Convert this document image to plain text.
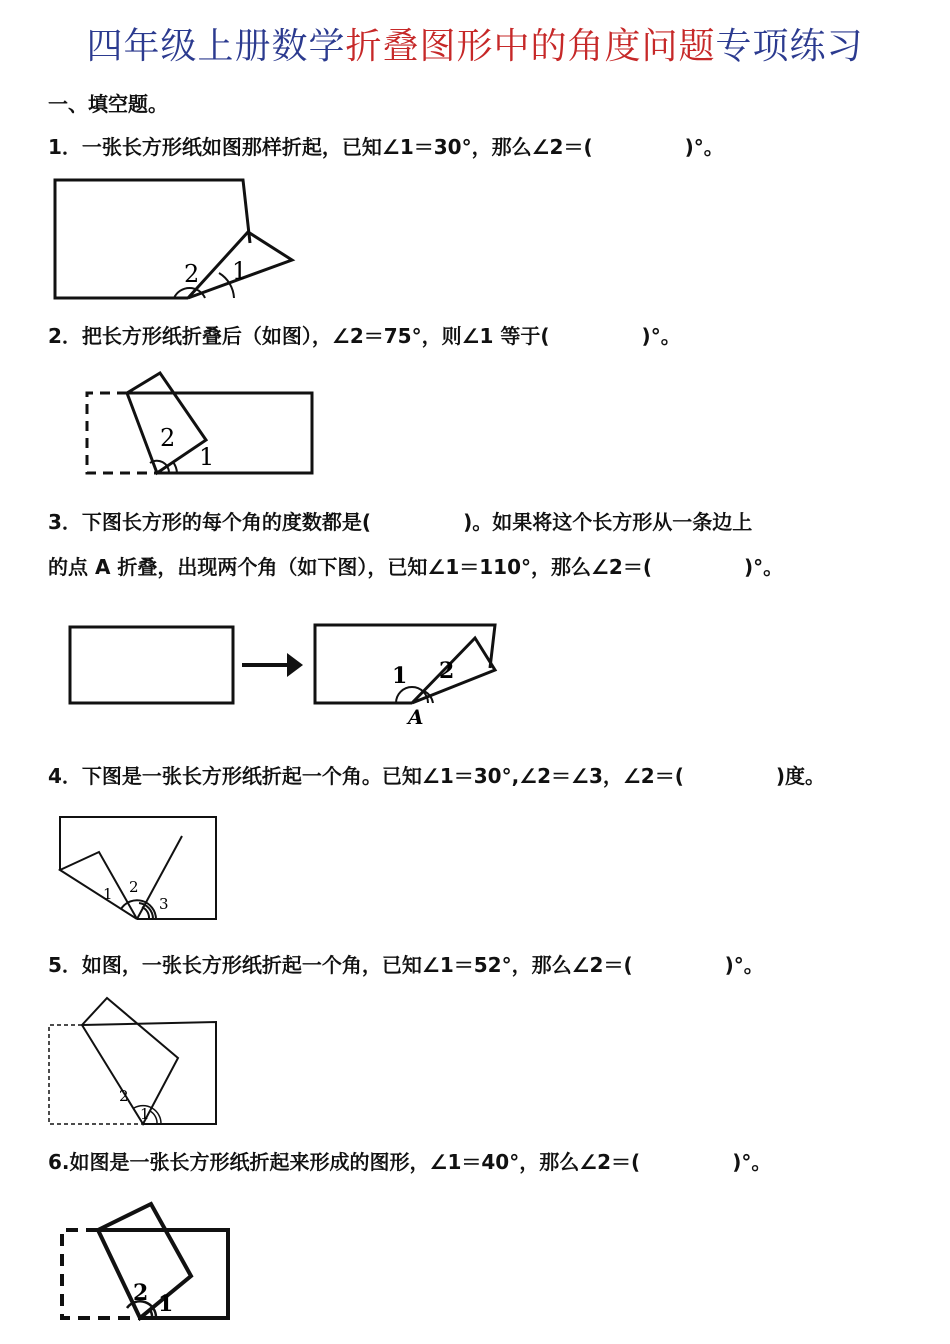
四年级上册数学折叠图形中的角度问题专项练习
一、填空题。
1．一张长方形纸如图那样折起，已知∠1＝30°，那么∠2＝(	)°。
2 1
2．把长方形纸折叠后（如图），∠2＝75°，则∠1 等于(	)°。
2
1
3．下图长方形的每个角的度数都是(	)。如果将这个长方形从一条边上
的点 A 折叠，出现两个角（如下图），已知∠1＝110°，那么∠2＝(	)°。
1 2
A
4．下图是一张长方形纸折起一个角。已知∠1＝30°,∠2＝∠3，∠2＝(	)度。
1 2
3
5．如图，一张长方形纸折起一个角，已知∠1＝52°，那么∠2＝(	)°。
2
1
6.如图是一张长方形纸折起来形成的图形，∠1＝40°，那么∠2＝(	)°。
2 1
